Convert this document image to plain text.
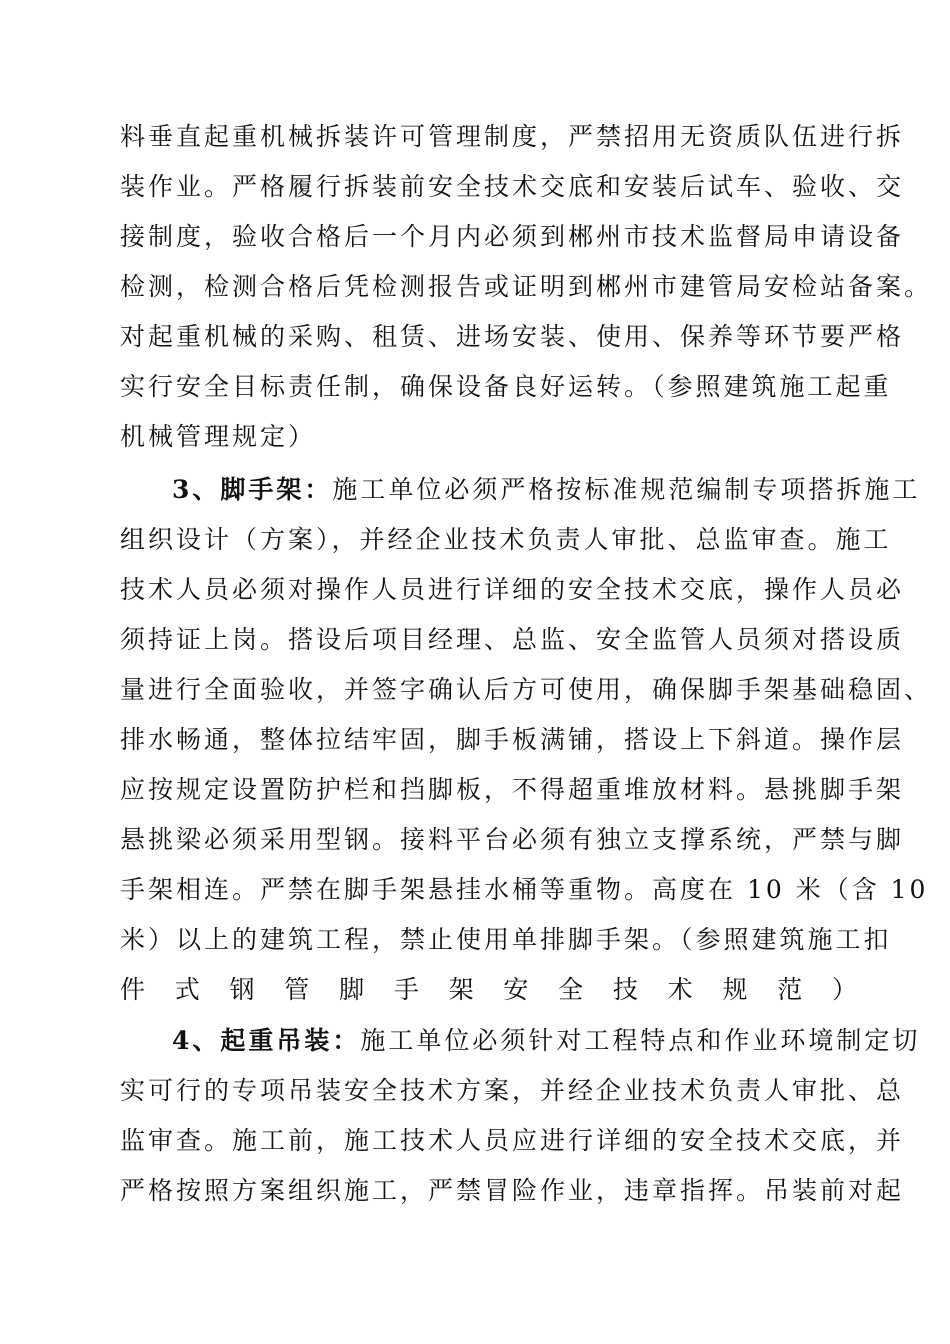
料垂直起重机械拆装许可管理制度，严禁招用无资质队伍进行拆
装作业。严格履行拆装前安全技术交底和安装后试车、验收、交
接制度，验收合格后一个月内必须到郴州市技术监督局申请设备
检测，检测合格后凭检测报告或证明到郴州市建管局安检站备案。
对起重机械的采购、租赁、进场安装、使用、保养等环节要严格
实行安全目标责任制，确保设备良好运转。（参照建筑施工起重
机械管理规定）
3、脚手架：施工单位必须严格按标准规范编制专项搭拆施工
组织设计（方案），并经企业技术负责人审批、总监审查。施工
技术人员必须对操作人员进行详细的安全技术交底，操作人员必
须持证上岗。搭设后项目经理、总监、安全监管人员须对搭设质
量进行全面验收，并签字确认后方可使用，确保脚手架基础稳固、
排水畅通，整体拉结牢固，脚手板满铺，搭设上下斜道。操作层
应按规定设置防护栏和挡脚板，不得超重堆放材料。悬挑脚手架
悬挑梁必须采用型钢。接料平台必须有独立支撑系统，严禁与脚
手架相连。严禁在脚手架悬挂水桶等重物。高度在 10 米（含 10
米）以上的建筑工程，禁止使用单排脚手架。（参照建筑施工扣
件式钢管脚手架安全技术规范）
4、起重吊装：施工单位必须针对工程特点和作业环境制定切
实可行的专项吊装安全技术方案，并经企业技术负责人审批、总
监审查。施工前，施工技术人员应进行详细的安全技术交底，并
严格按照方案组织施工，严禁冒险作业，违章指挥。吊装前对起
